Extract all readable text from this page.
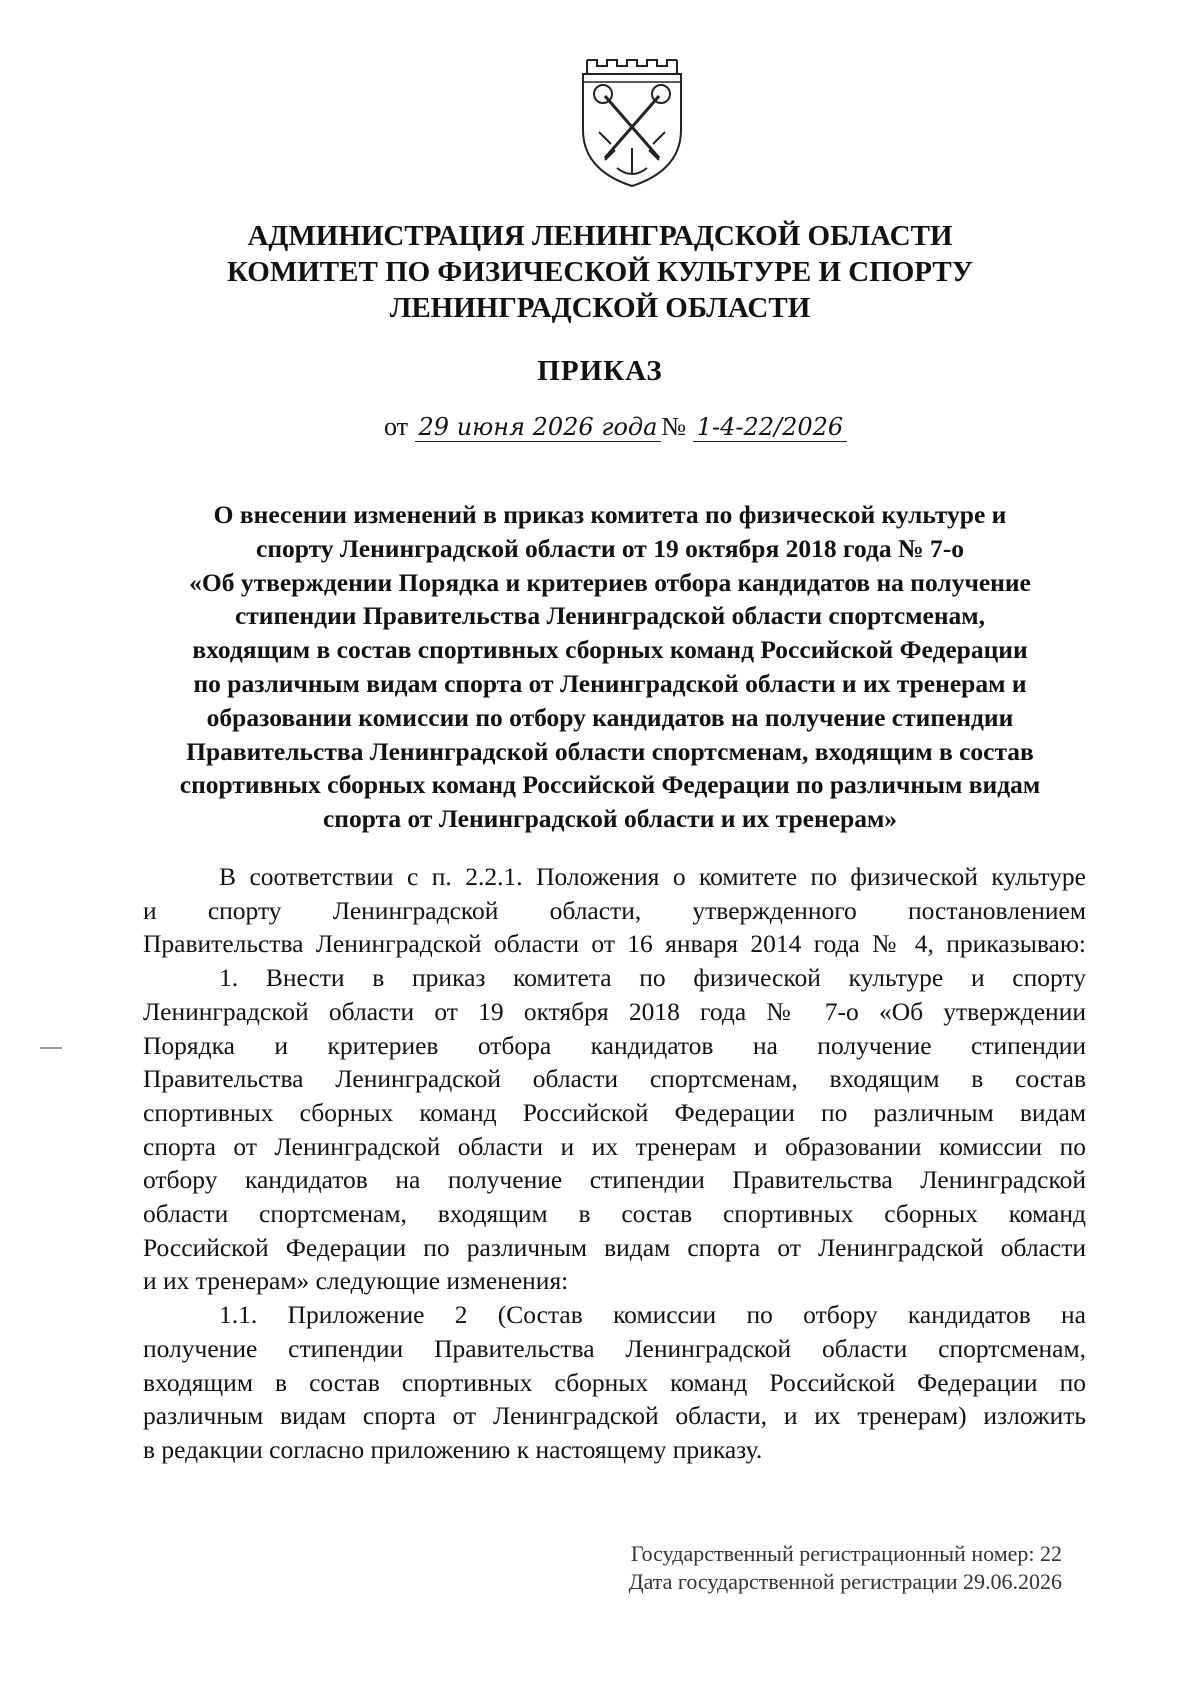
АДМИНИСТРАЦИЯ ЛЕНИНГРАДСКОЙ ОБЛАСТИ
КОМИТЕТ ПО ФИЗИЧЕСКОЙ КУЛЬТУРЕ И СПОРТУ
ЛЕНИНГРАДСКОЙ ОБЛАСТИ
ПРИКАЗ
от 29 июня 2026 года № 1-4-22/2026
О внесении изменений в приказ комитета по физической культуре и
спорту Ленинградской области от 19 октября 2018 года № 7-о
«Об утверждении Порядка и критериев отбора кандидатов на получение
стипендии Правительства Ленинградской области спортсменам,
входящим в состав спортивных сборных команд Российской Федерации
по различным видам спорта от Ленинградской области и их тренерам и
образовании комиссии по отбору кандидатов на получение стипендии
Правительства Ленинградской области спортсменам, входящим в состав
спортивных сборных команд Российской Федерации по различным видам
спорта от Ленинградской области и их тренерам»

В соответствии с п. 2.2.1. Положения о комитете по физической культуре
и спорту Ленинградской области, утвержденного постановлением
Правительства Ленинградской области от 16 января 2014 года № 4, приказываю:

1. Внести в приказ комитета по физической культуре и спорту
Ленинградской области от 19 октября 2018 года № 7-о «Об утверждении
Порядка и критериев отбора кандидатов на получение стипендии
Правительства Ленинградской области спортсменам, входящим в состав
спортивных сборных команд Российской Федерации по различным видам
спорта от Ленинградской области и их тренерам и образовании комиссии по
отбору кандидатов на получение стипендии Правительства Ленинградской
области спортсменам, входящим в состав спортивных сборных команд
Российской Федерации по различным видам спорта от Ленинградской области
и их тренерам» следующие изменения:

1.1. Приложение 2 (Состав комиссии по отбору кандидатов на
получение стипендии Правительства Ленинградской области спортсменам,
входящим в состав спортивных сборных команд Российской Федерации по
различным видам спорта от Ленинградской области, и их тренерам) изложить
в редакции согласно приложению к настоящему приказу.

Государственный регистрационный номер: 22
Дата государственной регистрации 29.06.2026
